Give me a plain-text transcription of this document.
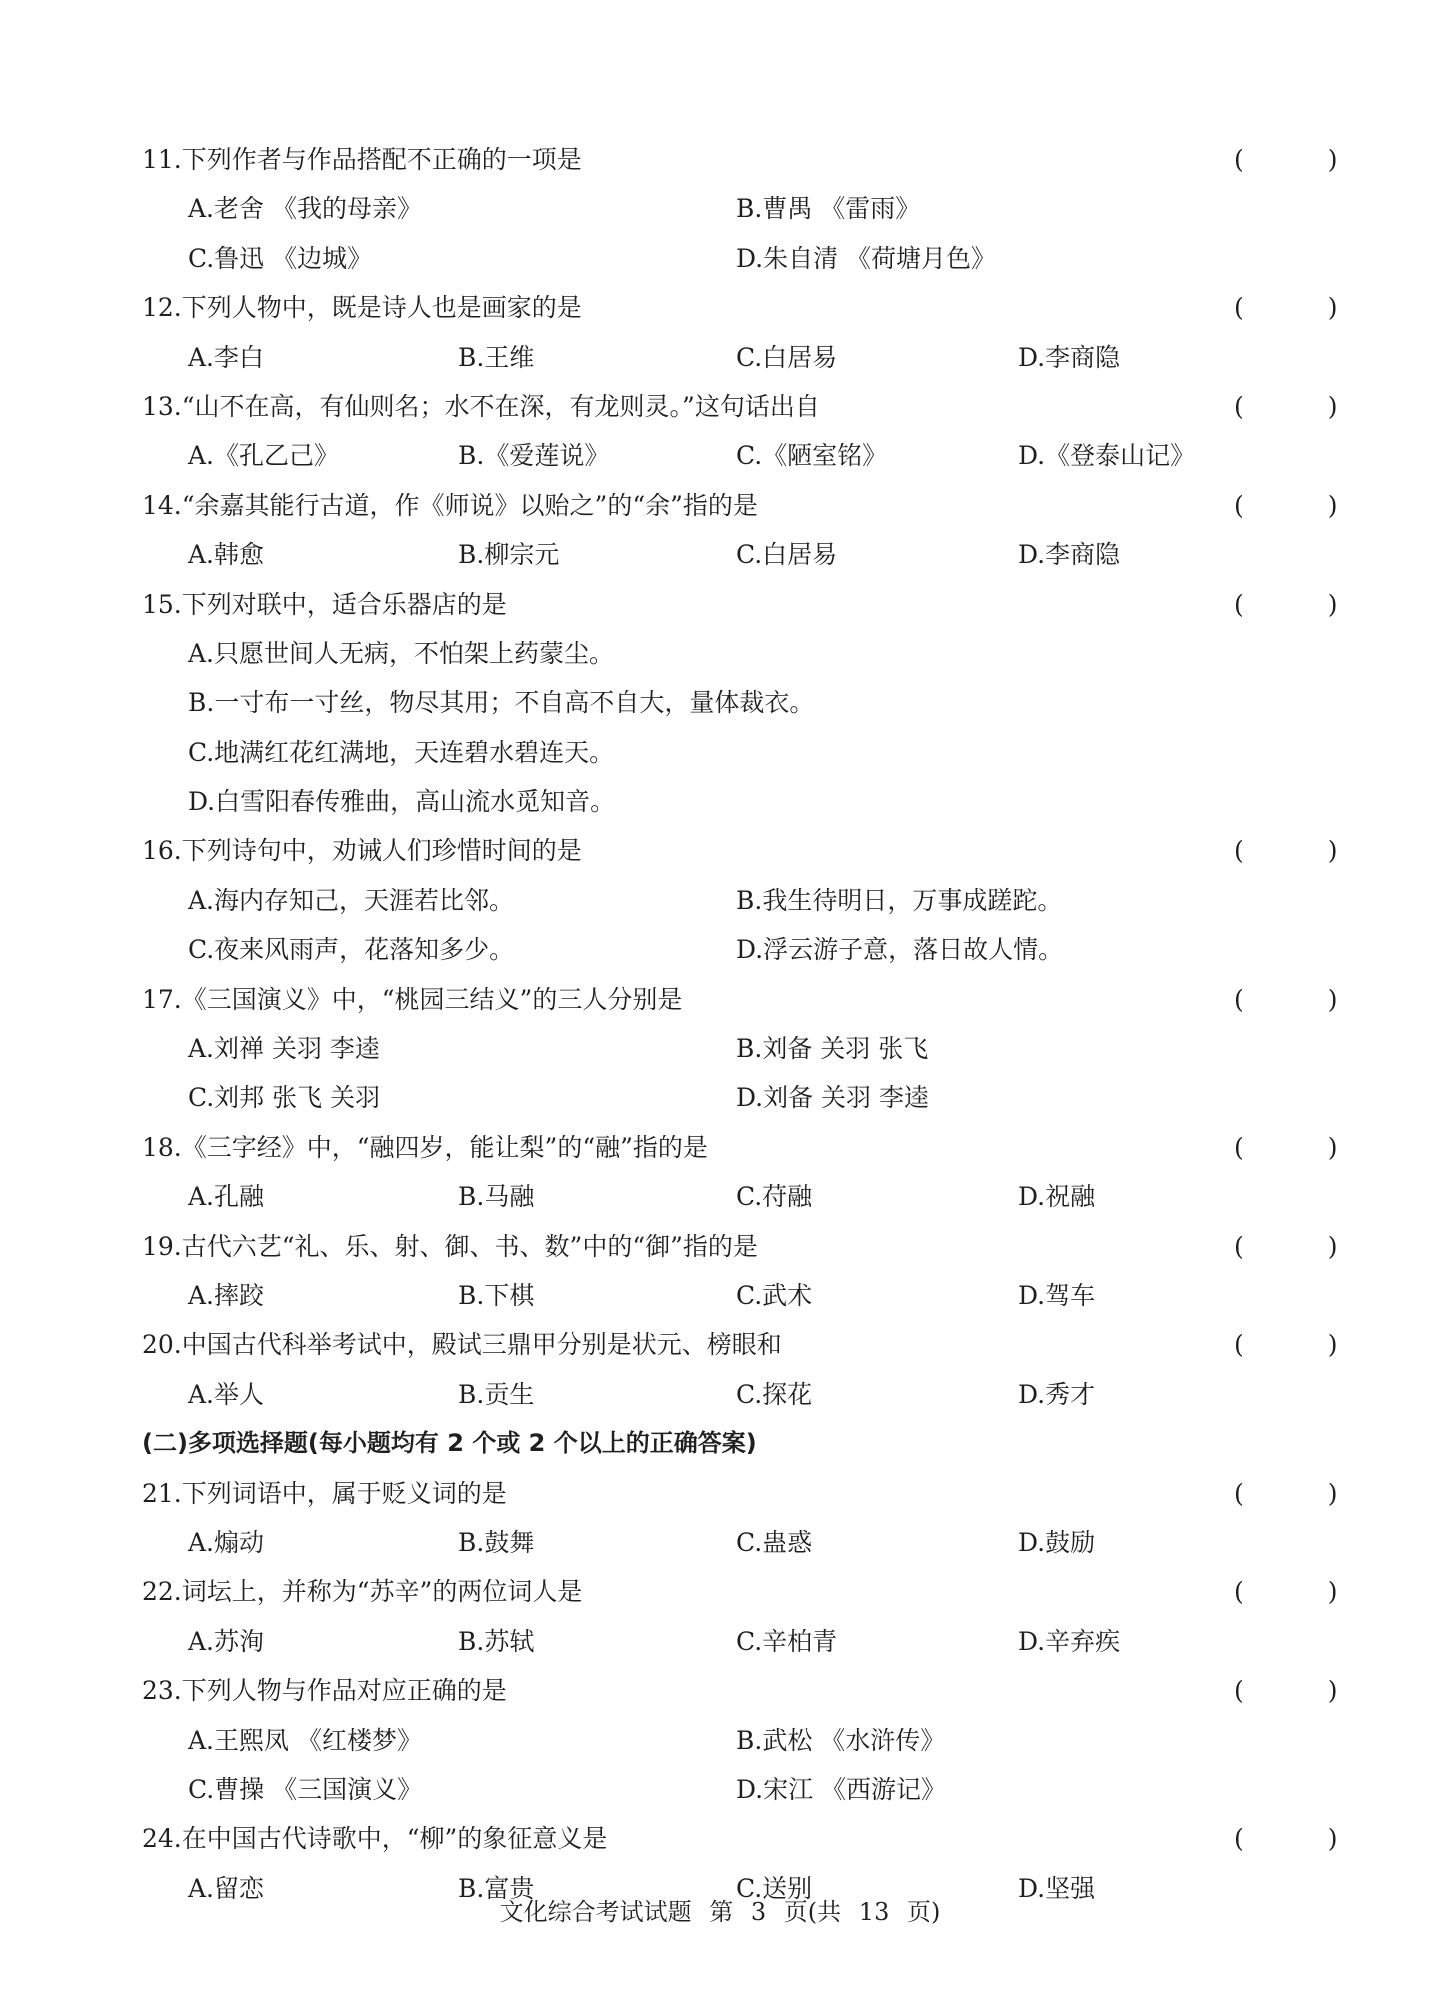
11.下列作者与作品搭配不正确的一项是	( )
A.老舍 《我的母亲》	B.曹禺 《雷雨》
C.鲁迅 《边城》	D.朱自清 《荷塘月色》
12.下列人物中，既是诗人也是画家的是	( )
A.李白	B.王维	C.白居易	D.李商隐
13.“山不在高，有仙则名；水不在深，有龙则灵。”这句话出自	( )
A.《孔乙己》	B.《爱莲说》	C.《陋室铭》	D.《登泰山记》
14.“余嘉其能行古道，作《师说》以贻之”的“余”指的是	( )
A.韩愈	B.柳宗元	C.白居易	D.李商隐
15.下列对联中，适合乐器店的是	( )
A.只愿世间人无病，不怕架上药蒙尘。
B.一寸布一寸丝，物尽其用；不自高不自大，量体裁衣。
C.地满红花红满地，天连碧水碧连天。
D.白雪阳春传雅曲，高山流水觅知音。
16.下列诗句中，劝诫人们珍惜时间的是	( )
A.海内存知己，天涯若比邻。	B.我生待明日，万事成蹉跎。
C.夜来风雨声，花落知多少。	D.浮云游子意，落日故人情。
17.《三国演义》中，“桃园三结义”的三人分别是	( )
A.刘禅 关羽 李逵	B.刘备 关羽 张飞
C.刘邦 张飞 关羽	D.刘备 关羽 李逵
18.《三字经》中，“融四岁，能让梨”的“融”指的是	( )
A.孔融	B.马融	C.苻融	D.祝融
19.古代六艺“礼、乐、射、御、书、数”中的“御”指的是	( )
A.摔跤	B.下棋	C.武术	D.驾车
20.中国古代科举考试中，殿试三鼎甲分别是状元、榜眼和	( )
A.举人	B.贡生	C.探花	D.秀才
(二)多项选择题(每小题均有 2 个或 2 个以上的正确答案)
21.下列词语中，属于贬义词的是	( )
A.煽动	B.鼓舞	C.蛊惑	D.鼓励
22.词坛上，并称为“苏辛”的两位词人是	( )
A.苏洵	B.苏轼	C.辛柏青	D.辛弃疾
23.下列人物与作品对应正确的是	( )
A.王熙凤 《红楼梦》	B.武松 《水浒传》
C.曹操 《三国演义》	D.宋江 《西游记》
24.在中国古代诗歌中，“柳”的象征意义是	( )
A.留恋	B.富贵	C.送别	D.坚强
文化综合考试试题 第 3 页(共 13 页)
